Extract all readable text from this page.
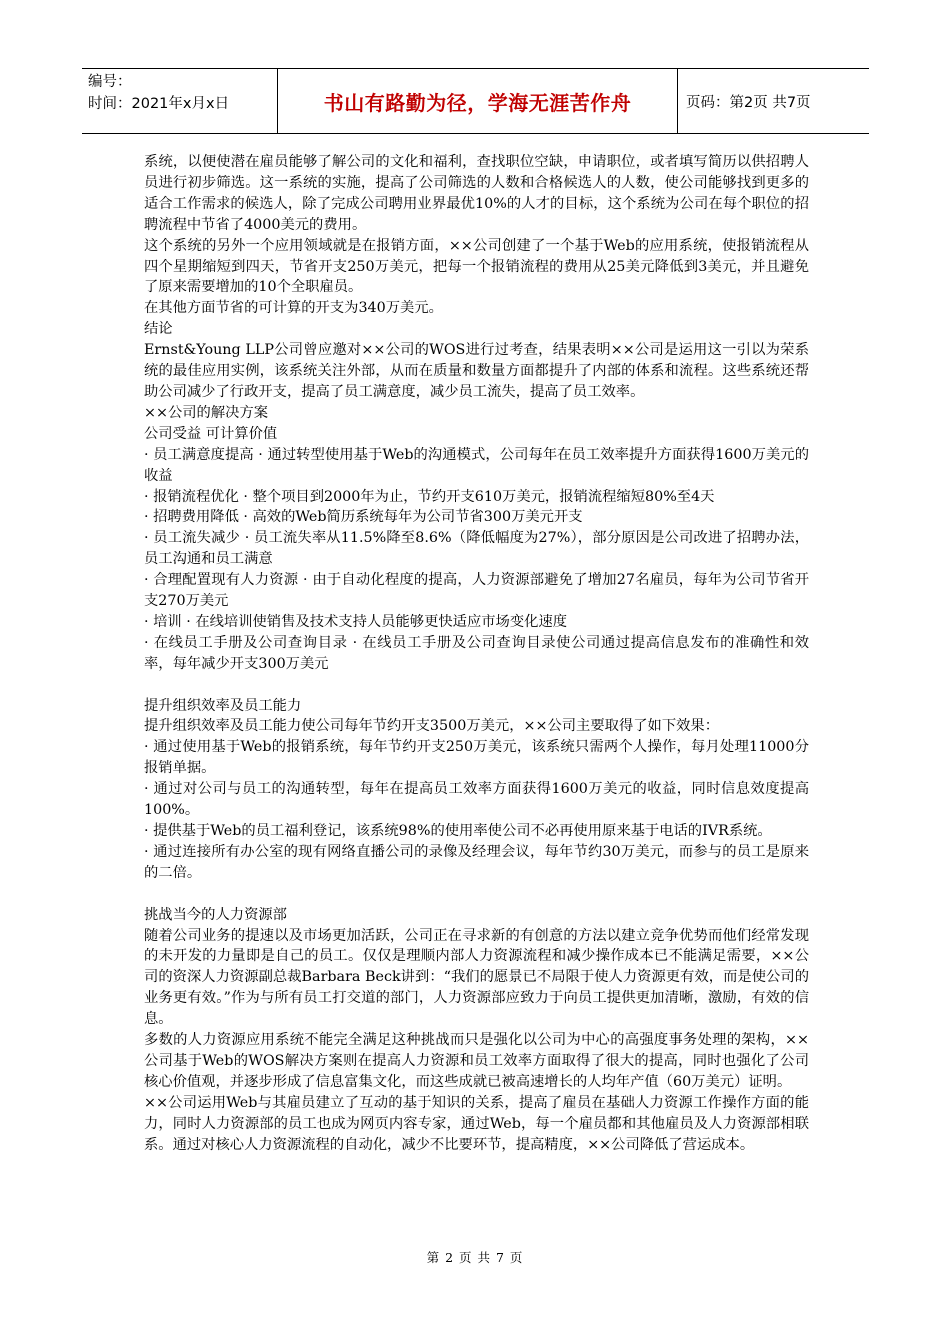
编号：
时间：2021年x月x日	书山有路勤为径，学海无涯苦作舟	页码：第2页 共7页
系统，以便使潜在雇员能够了解公司的文化和福利，查找职位空缺，申请职位，或者填写简历以供招聘人员进行初步筛选。这一系统的实施，提高了公司筛选的人数和合格候选人的人数，使公司能够找到更多的适合工作需求的候选人，除了完成公司聘用业界最优10%的人才的目标，这个系统为公司在每个职位的招聘流程中节省了4000美元的费用。
这个系统的另外一个应用领域就是在报销方面，××公司创建了一个基于Web的应用系统，使报销流程从四个星期缩短到四天，节省开支250万美元，把每一个报销流程的费用从25美元降低到3美元，并且避免了原来需要增加的10个全职雇员。
在其他方面节省的可计算的开支为340万美元。
结论
Ernst&Young LLP公司曾应邀对××公司的WOS进行过考查，结果表明××公司是运用这一引以为荣系统的最佳应用实例，该系统关注外部，从而在质量和数量方面都提升了内部的体系和流程。这些系统还帮助公司减少了行政开支，提高了员工满意度，减少员工流失，提高了员工效率。
××公司的解决方案
公司受益 可计算价值
· 员工满意度提高 · 通过转型使用基于Web的沟通模式，公司每年在员工效率提升方面获得1600万美元的收益
· 报销流程优化 · 整个项目到2000年为止，节约开支610万美元，报销流程缩短80%至4天
· 招聘费用降低 · 高效的Web简历系统每年为公司节省300万美元开支
· 员工流失减少 · 员工流失率从11.5%降至8.6%（降低幅度为27%），部分原因是公司改进了招聘办法，员工沟通和员工满意
· 合理配置现有人力资源 · 由于自动化程度的提高，人力资源部避免了增加27名雇员，每年为公司节省开支270万美元
· 培训 · 在线培训使销售及技术支持人员能够更快适应市场变化速度
· 在线员工手册及公司查询目录 · 在线员工手册及公司查询目录使公司通过提高信息发布的准确性和效率，每年减少开支300万美元
提升组织效率及员工能力
提升组织效率及员工能力使公司每年节约开支3500万美元，××公司主要取得了如下效果：
· 通过使用基于Web的报销系统，每年节约开支250万美元，该系统只需两个人操作，每月处理11000分报销单据。
· 通过对公司与员工的沟通转型，每年在提高员工效率方面获得1600万美元的收益，同时信息效度提高100%。
· 提供基于Web的员工福利登记，该系统98%的使用率使公司不必再使用原来基于电话的IVR系统。
· 通过连接所有办公室的现有网络直播公司的录像及经理会议，每年节约30万美元，而参与的员工是原来的二倍。
挑战当今的人力资源部
随着公司业务的提速以及市场更加活跃，公司正在寻求新的有创意的方法以建立竞争优势而他们经常发现的未开发的力量即是自己的员工。仅仅是理顺内部人力资源流程和减少操作成本已不能满足需要，××公司的资深人力资源副总裁Barbara Beck讲到：“我们的愿景已不局限于使人力资源更有效，而是使公司的业务更有效。”作为与所有员工打交道的部门，人力资源部应致力于向员工提供更加清晰，激励，有效的信息。
多数的人力资源应用系统不能完全满足这种挑战而只是强化以公司为中心的高强度事务处理的架构，××公司基于Web的WOS解决方案则在提高人力资源和员工效率方面取得了很大的提高，同时也强化了公司核心价值观，并逐步形成了信息富集文化，而这些成就已被高速增长的人均年产值（60万美元）证明。
××公司运用Web与其雇员建立了互动的基于知识的关系，提高了雇员在基础人力资源工作操作方面的能力，同时人力资源部的员工也成为网页内容专家，通过Web，每一个雇员都和其他雇员及人力资源部相联系。通过对核心人力资源流程的自动化，减少不比要环节，提高精度，××公司降低了营运成本。
第 2 页 共 7 页
